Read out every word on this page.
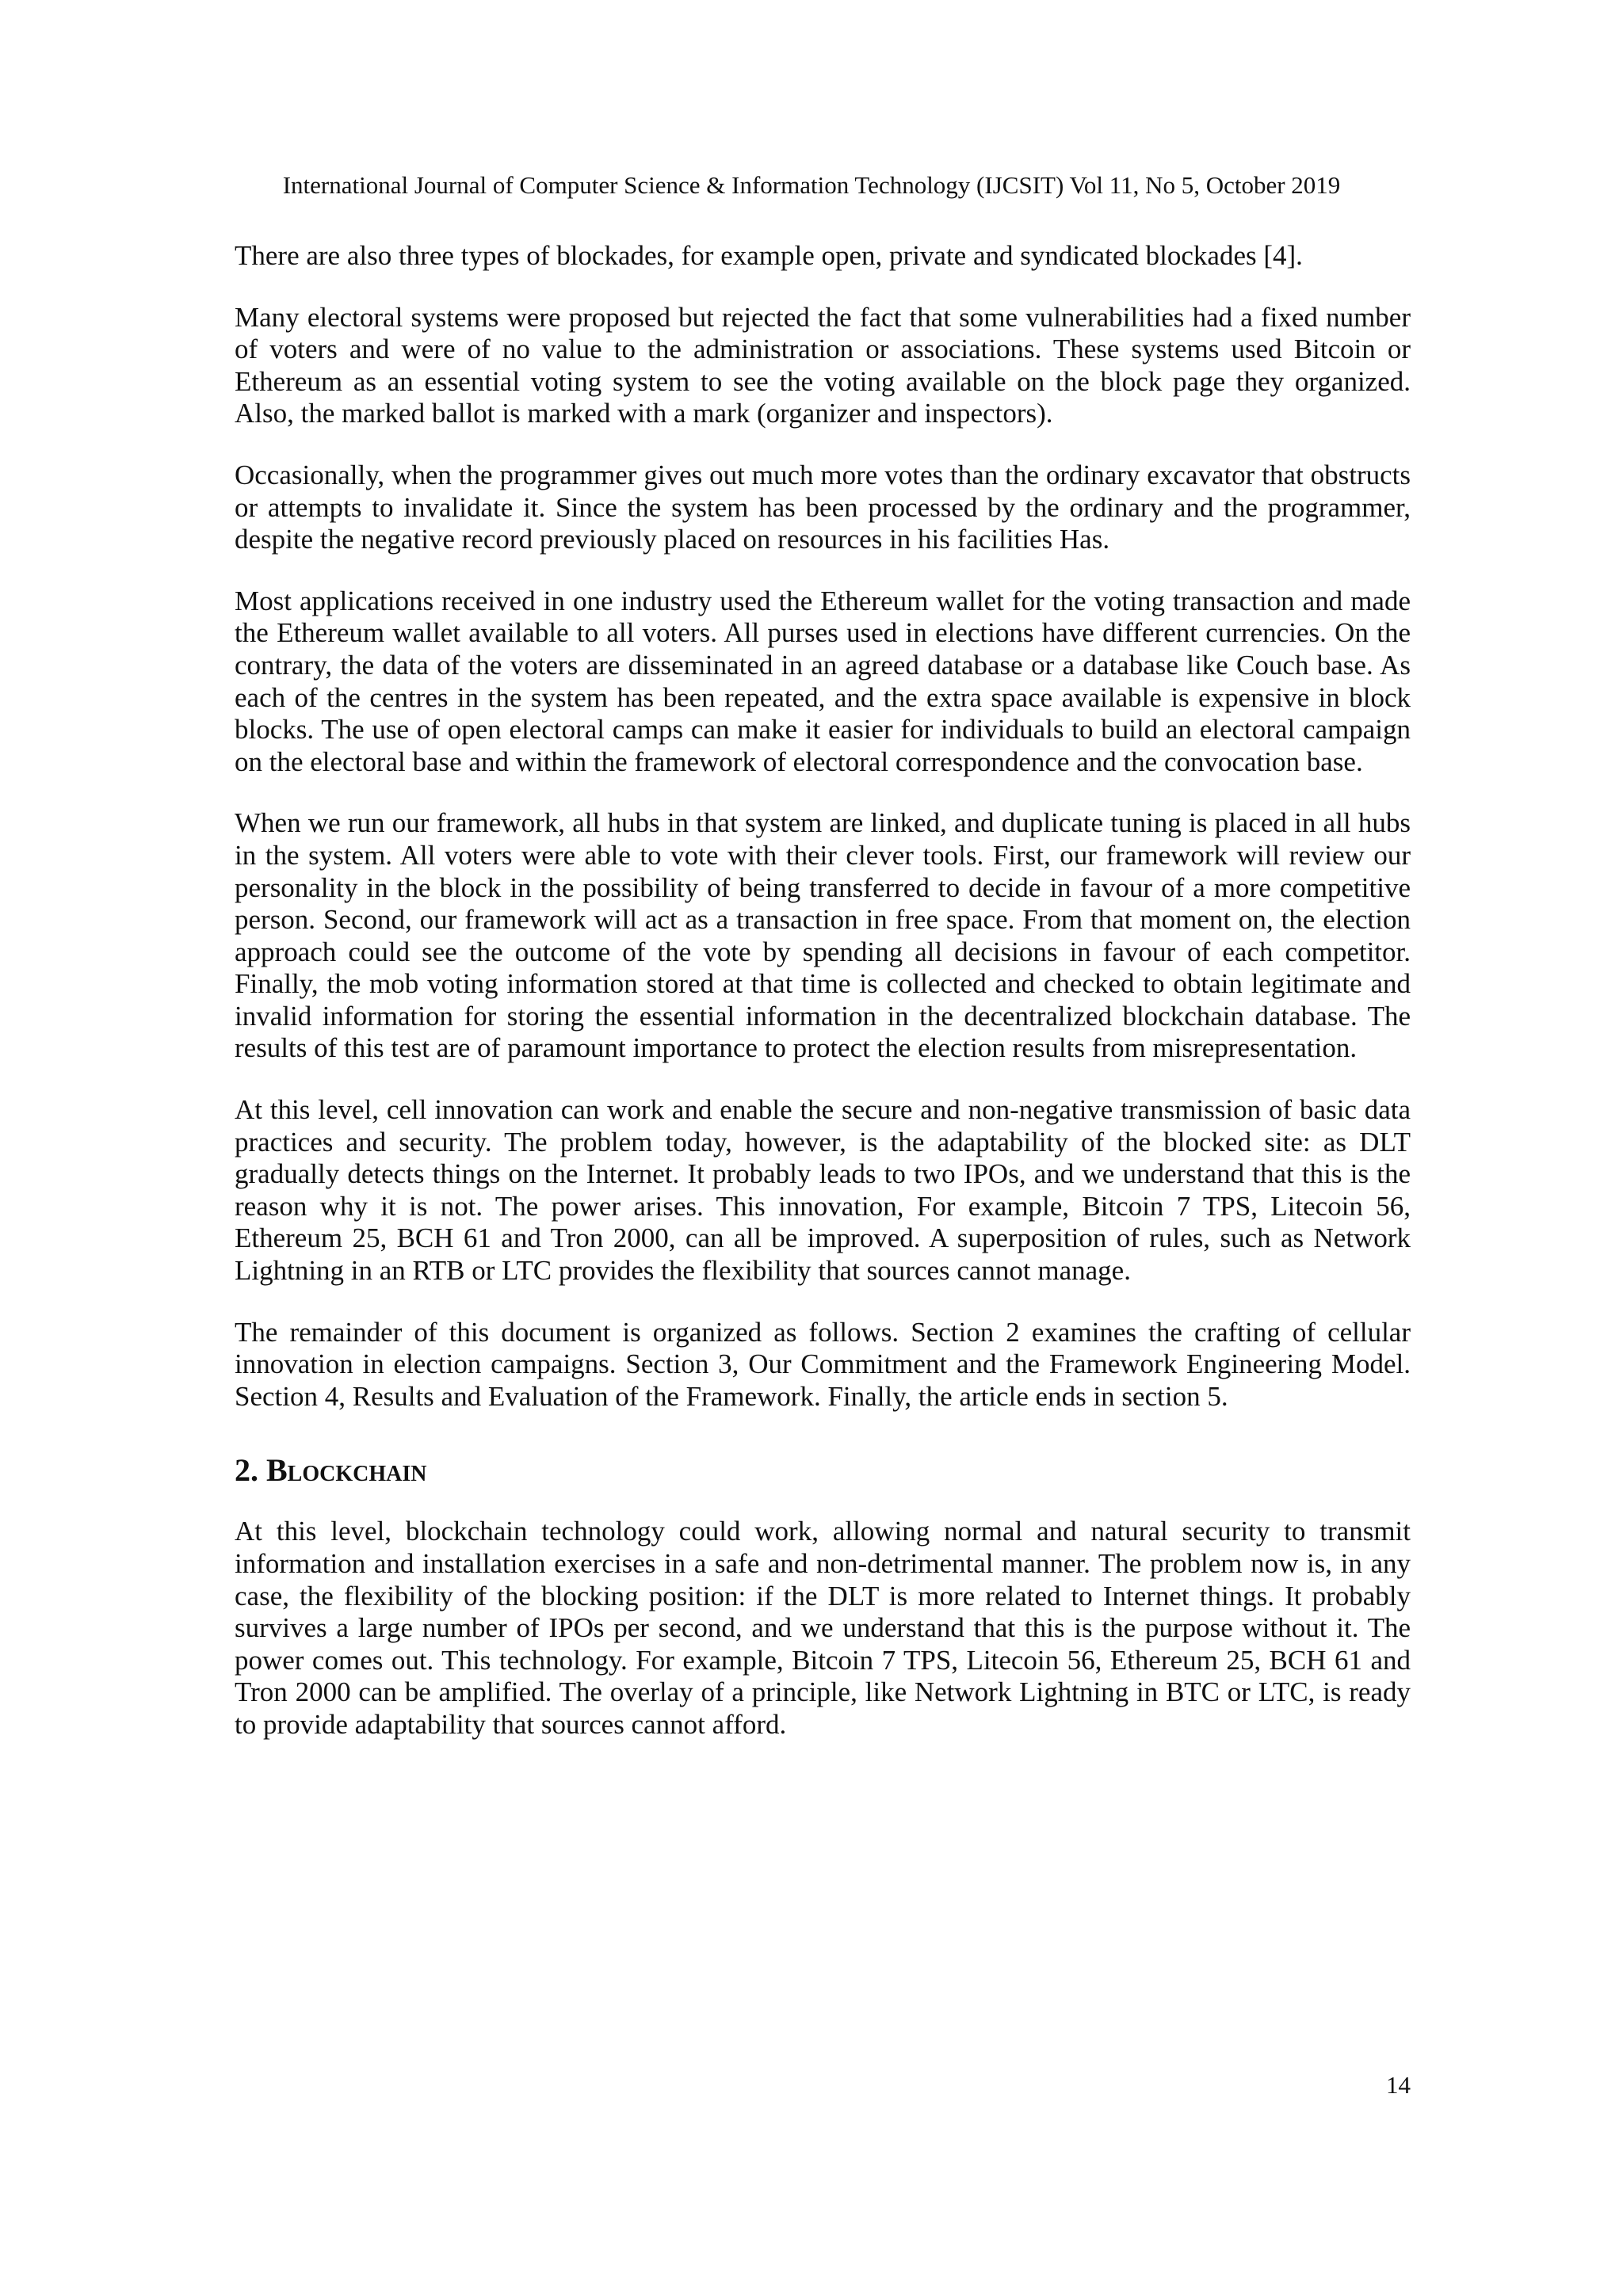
International Journal of Computer Science & Information Technology (IJCSIT) Vol 11, No 5, October 2019

There are also three types of blockades, for example open, private and syndicated blockades [4].

Many electoral systems were proposed but rejected the fact that some vulnerabilities had a fixed number of voters and were of no value to the administration or associations. These systems used Bitcoin or Ethereum as an essential voting system to see the voting available on the block page they organized. Also, the marked ballot is marked with a mark (organizer and inspectors).

Occasionally, when the programmer gives out much more votes than the ordinary excavator that obstructs or attempts to invalidate it. Since the system has been processed by the ordinary and the programmer, despite the negative record previously placed on resources in his facilities Has.

Most applications received in one industry used the Ethereum wallet for the voting transaction and made the Ethereum wallet available to all voters. All purses used in elections have different currencies. On the contrary, the data of the voters are disseminated in an agreed database or a database like Couch base. As each of the centres in the system has been repeated, and the extra space available is expensive in block blocks. The use of open electoral camps can make it easier for individuals to build an electoral campaign on the electoral base and within the framework of electoral correspondence and the convocation base.

When we run our framework, all hubs in that system are linked, and duplicate tuning is placed in all hubs in the system. All voters were able to vote with their clever tools. First, our framework will review our personality in the block in the possibility of being transferred to decide in favour of a more competitive person. Second, our framework will act as a transaction in free space. From that moment on, the election approach could see the outcome of the vote by spending all decisions in favour of each competitor. Finally, the mob voting information stored at that time is collected and checked to obtain legitimate and invalid information for storing the essential information in the decentralized blockchain database. The results of this test are of paramount importance to protect the election results from misrepresentation.

At this level, cell innovation can work and enable the secure and non-negative transmission of basic data practices and security. The problem today, however, is the adaptability of the blocked site: as DLT gradually detects things on the Internet. It probably leads to two IPOs, and we understand that this is the reason why it is not. The power arises. This innovation, For example, Bitcoin 7 TPS, Litecoin 56, Ethereum 25, BCH 61 and Tron 2000, can all be improved. A superposition of rules, such as Network Lightning in an RTB or LTC provides the flexibility that sources cannot manage.

The remainder of this document is organized as follows. Section 2 examines the crafting of cellular innovation in election campaigns. Section 3, Our Commitment and the Framework Engineering Model. Section 4, Results and Evaluation of the Framework. Finally, the article ends in section 5.

2. Blockchain

At this level, blockchain technology could work, allowing normal and natural security to transmit information and installation exercises in a safe and non-detrimental manner. The problem now is, in any case, the flexibility of the blocking position: if the DLT is more related to Internet things. It probably survives a large number of IPOs per second, and we understand that this is the purpose without it. The power comes out. This technology. For example, Bitcoin 7 TPS, Litecoin 56, Ethereum 25, BCH 61 and Tron 2000 can be amplified. The overlay of a principle, like Network Lightning in BTC or LTC, is ready to provide adaptability that sources cannot afford.

14
